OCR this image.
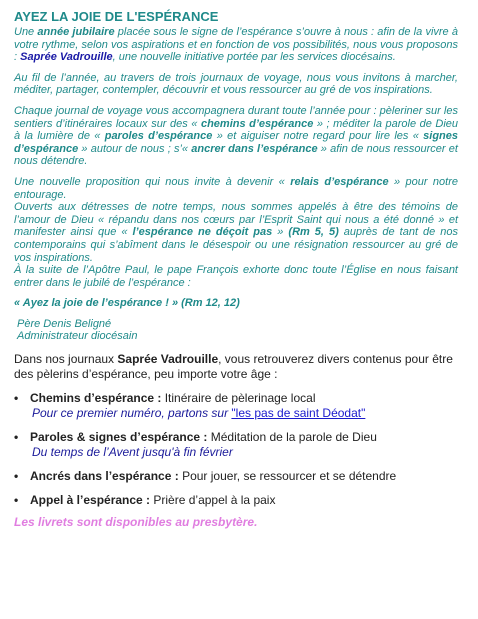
AYEZ LA JOIE DE L'ESPÉRANCE

Une année jubilaire placée sous le signe de l’espérance s’ouvre à nous : afin de la vivre à votre rythme, selon vos aspirations et en fonction de vos possibilités, nous vous proposons : Saprée Vadrouille, une nouvelle initiative portée par les services diocésains.

Au fil de l’année, au travers de trois journaux de voyage, nous vous invitons à marcher, méditer, partager, contempler, découvrir et vous ressourcer au gré de vos inspirations.

Chaque journal de voyage vous accompagnera durant toute l’année pour : pèleriner sur les sentiers d’itinéraires locaux sur des « chemins d’espérance » ; méditer la parole de Dieu à la lumière de « paroles d’espérance » et aiguiser notre regard pour lire les « signes d’espérance » autour de nous ; s’« ancrer dans l’espérance » afin de nous ressourcer et nous détendre.

Une nouvelle proposition qui nous invite à devenir « relais d’espérance » pour notre entourage.

Ouverts aux détresses de notre temps, nous sommes appelés à être des témoins de l’amour de Dieu « répandu dans nos cœurs par l’Esprit Saint qui nous a été donné » et manifester ainsi que « l’espérance ne déçoit pas » (Rm 5, 5) auprès de tant de nos contemporains qui s’abîment dans le désespoir ou une résignation ressourcer au gré de vos inspirations.

À la suite de l’Apôtre Paul, le pape François exhorte donc toute l’Église en nous faisant entrer dans le jubilé de l’espérance :

« Ayez la joie de l’espérance ! » (Rm 12, 12)
Père Denis Beligné
Administrateur diocésain
Dans nos journaux Saprée Vadrouille, vous retrouverez divers contenus pour être des pèlerins d’espérance, peu importe votre âge :
• Chemins d’espérance : Itinéraire de pèlerinage local
Pour ce premier numéro, partons sur "les pas de saint Déodat"
• Paroles & signes d’espérance : Méditation de la parole de Dieu
Du temps de l’Avent jusqu'à fin février
• Ancrés dans l’espérance : Pour jouer, se ressourcer et se détendre
• Appel à l’espérance : Prière d’appel à la paix
Les livrets sont disponibles au presbytère.
